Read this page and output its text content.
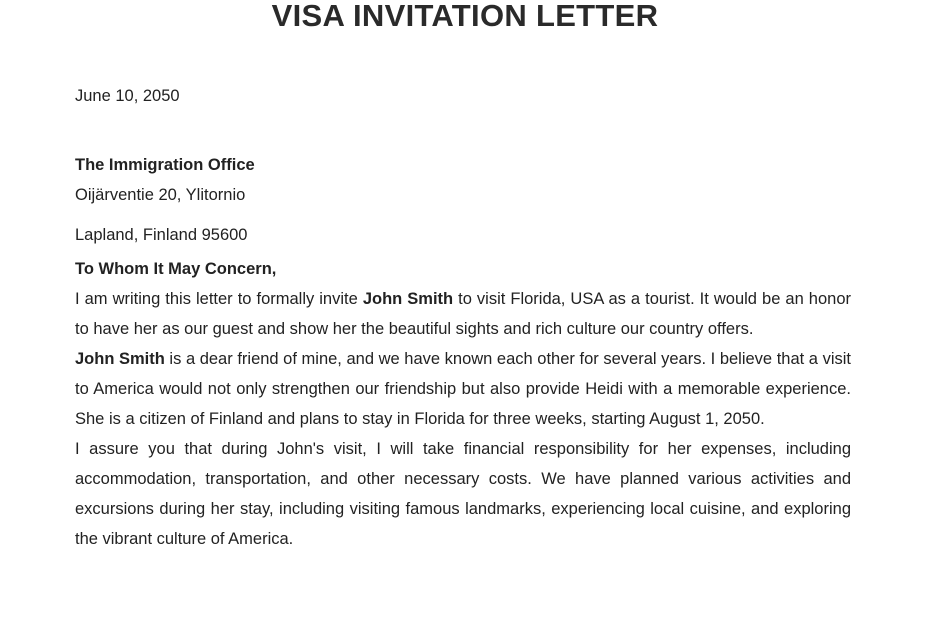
VISA INVITATION LETTER

June 10, 2050

The Immigration Office
Oijärventie 20, Ylitornio
Lapland, Finland 95600

To Whom It May Concern,

I am writing this letter to formally invite John Smith to visit Florida, USA as a tourist. It would be an honor to have her as our guest and show her the beautiful sights and rich culture our country offers.

John Smith is a dear friend of mine, and we have known each other for several years. I believe that a visit to America would not only strengthen our friendship but also provide Heidi with a memorable experience. She is a citizen of Finland and plans to stay in Florida for three weeks, starting August 1, 2050.

I assure you that during John's visit, I will take financial responsibility for her expenses, including accommodation, transportation, and other necessary costs. We have planned various activities and excursions during her stay, including visiting famous landmarks, experiencing local cuisine, and exploring the vibrant culture of America.
